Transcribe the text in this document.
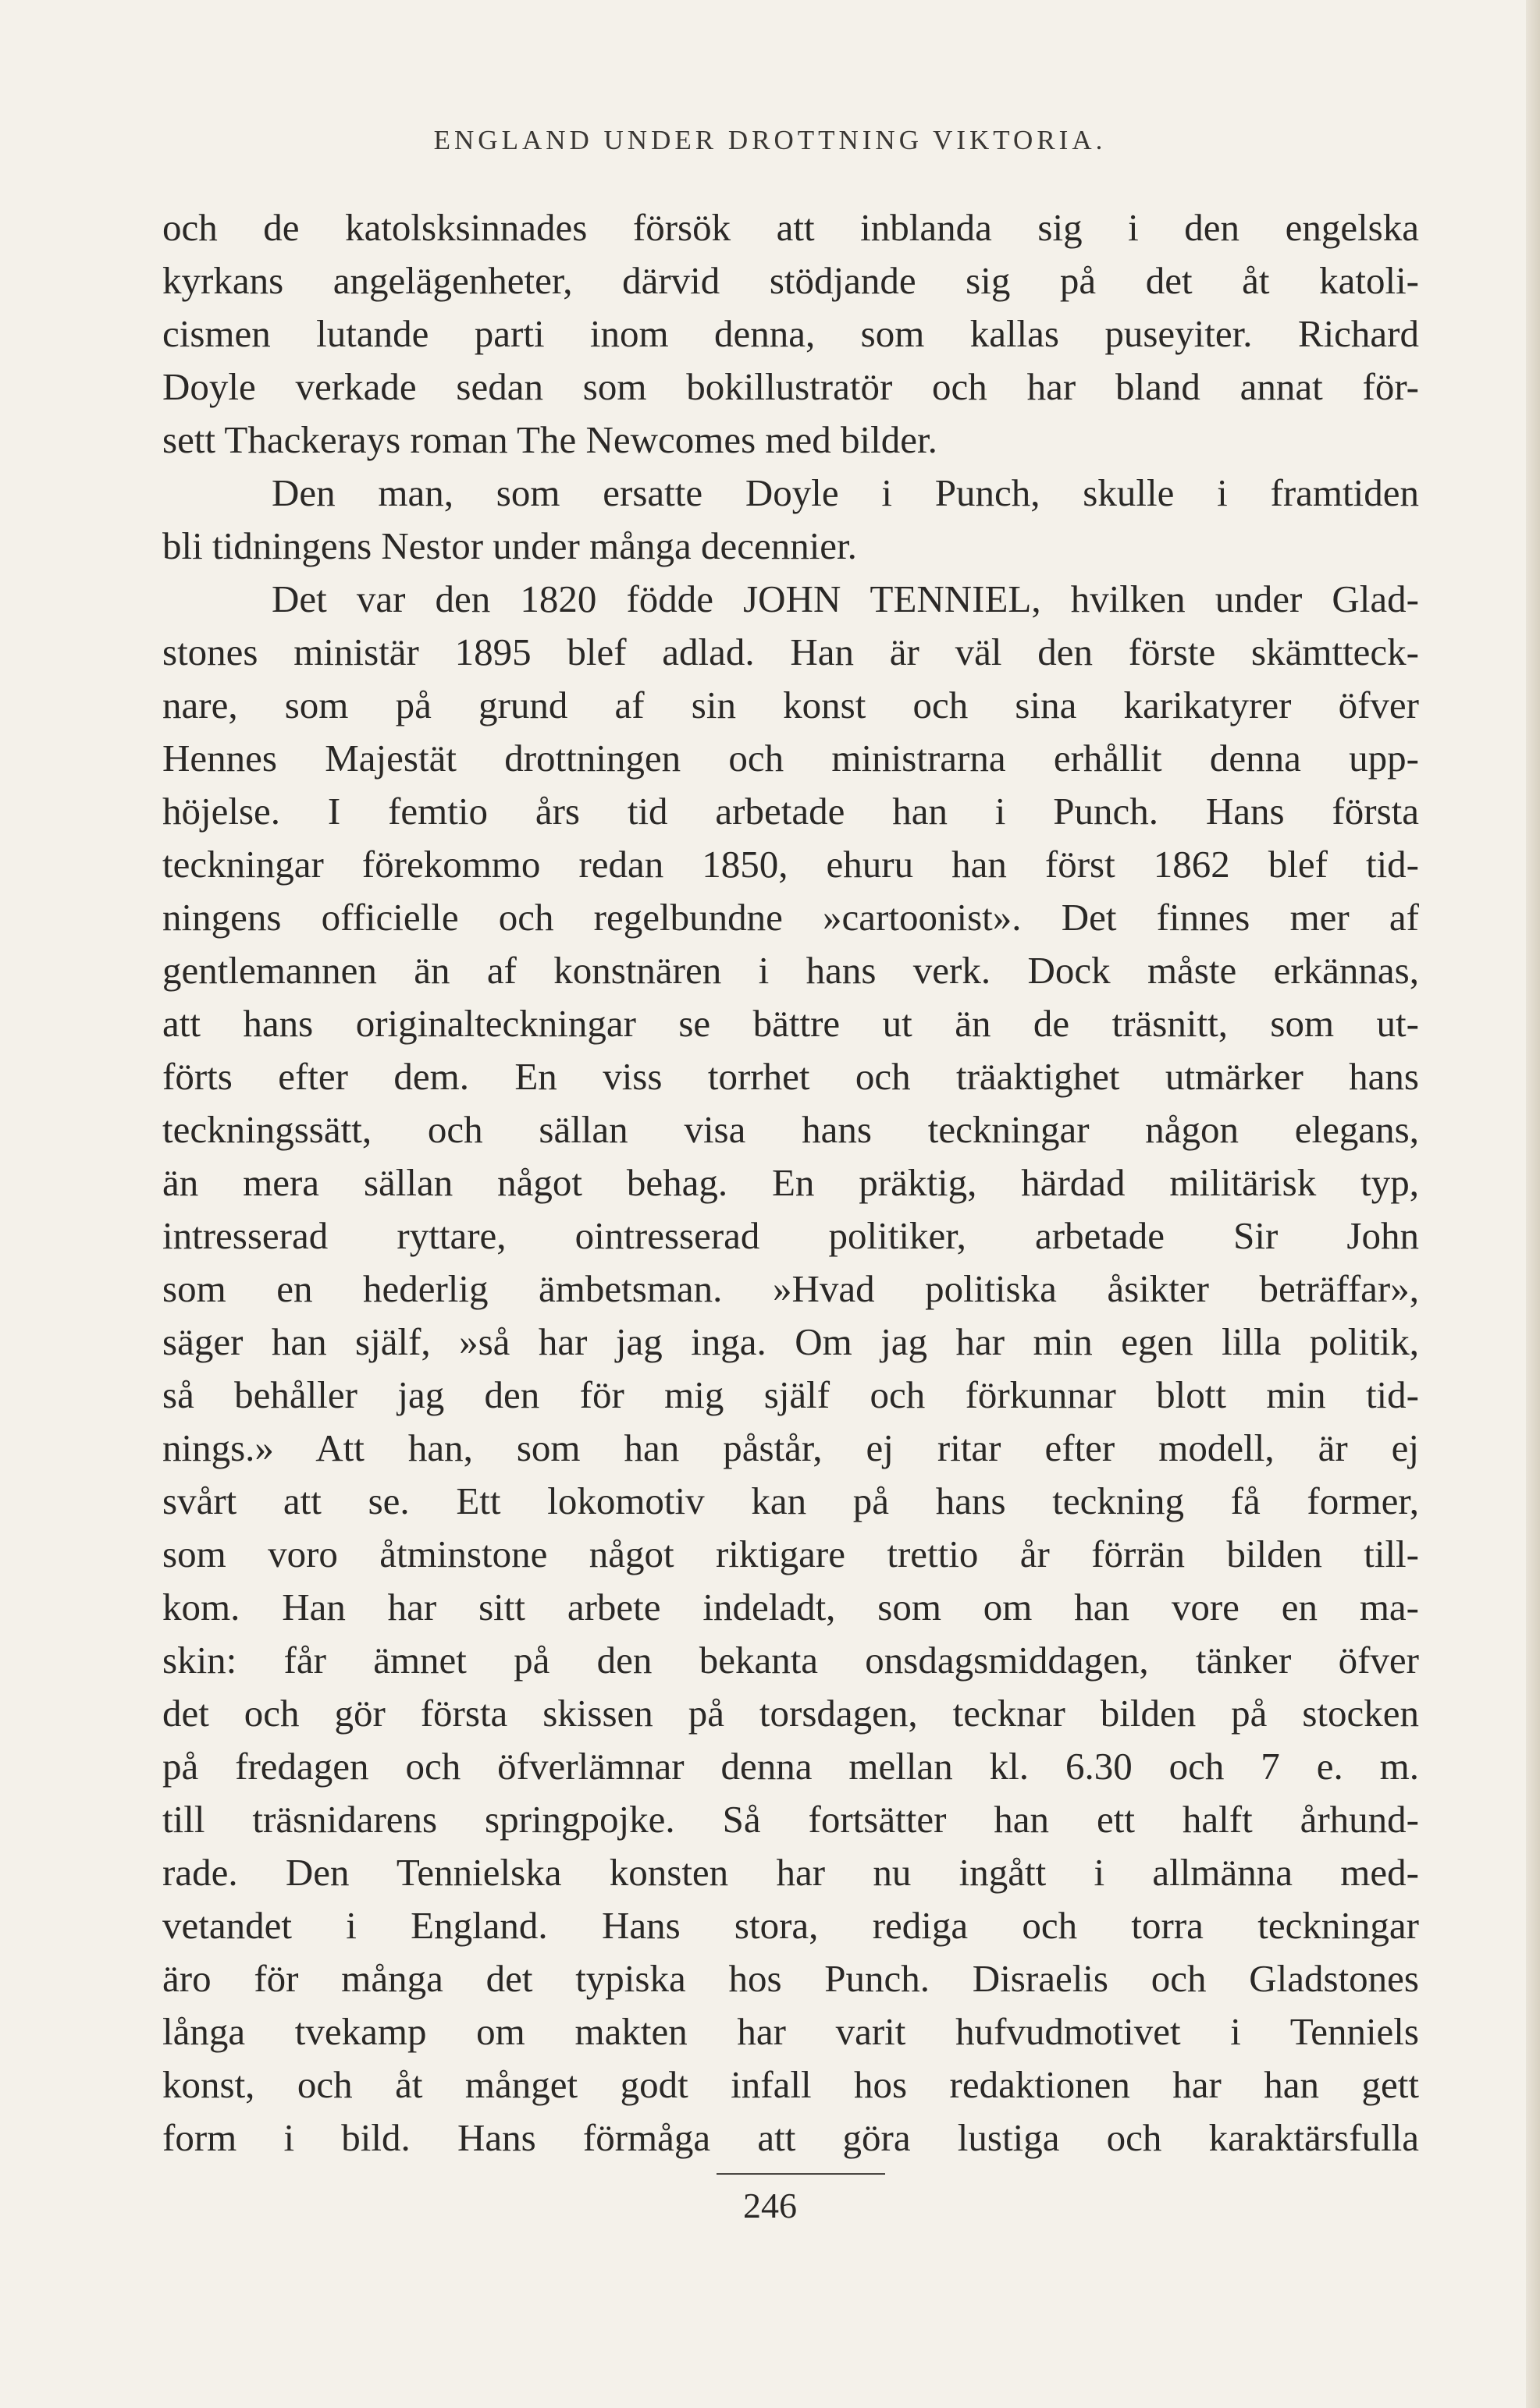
ENGLAND UNDER DROTTNING VIKTORIA.
och de katolsksinnades försök att inblanda sig i den engelska
kyrkans angelägenheter, därvid stödjande sig på det åt katoli-
cismen lutande parti inom denna, som kallas puseyiter. Richard
Doyle verkade sedan som bokillustratör och har bland annat för-
sett Thackerays roman The Newcomes med bilder.
Den man, som ersatte Doyle i Punch, skulle i framtiden
bli tidningens Nestor under många decennier.
Det var den 1820 födde JOHN TENNIEL, hvilken under Glad-
stones ministär 1895 blef adlad. Han är väl den förste skämtteck-
nare, som på grund af sin konst och sina karikatyrer öfver
Hennes Majestät drottningen och ministrarna erhållit denna upp-
höjelse. I femtio års tid arbetade han i Punch. Hans första
teckningar förekommo redan 1850, ehuru han först 1862 blef tid-
ningens officielle och regelbundne »cartoonist». Det finnes mer af
gentlemannen än af konstnären i hans verk. Dock måste erkännas,
att hans originalteckningar se bättre ut än de träsnitt, som ut-
förts efter dem. En viss torrhet och träaktighet utmärker hans
teckningssätt, och sällan visa hans teckningar någon elegans,
än mera sällan något behag. En präktig, härdad militärisk typ,
intresserad ryttare, ointresserad politiker, arbetade Sir John
som en hederlig ämbetsman. »Hvad politiska åsikter beträffar»,
säger han själf, »så har jag inga. Om jag har min egen lilla politik,
så behåller jag den för mig själf och förkunnar blott min tid-
nings.» Att han, som han påstår, ej ritar efter modell, är ej
svårt att se. Ett lokomotiv kan på hans teckning få former,
som voro åtminstone något riktigare trettio år förrän bilden till-
kom. Han har sitt arbete indeladt, som om han vore en ma-
skin: får ämnet på den bekanta onsdagsmiddagen, tänker öfver
det och gör första skissen på torsdagen, tecknar bilden på stocken
på fredagen och öfverlämnar denna mellan kl. 6.30 och 7 e. m.
till träsnidarens springpojke. Så fortsätter han ett halft århund-
rade. Den Tennielska konsten har nu ingått i allmänna med-
vetandet i England. Hans stora, rediga och torra teckningar
äro för många det typiska hos Punch. Disraelis och Gladstones
långa tvekamp om makten har varit hufvudmotivet i Tenniels
konst, och åt månget godt infall hos redaktionen har han gett
form i bild. Hans förmåga att göra lustiga och karaktärsfulla
246
